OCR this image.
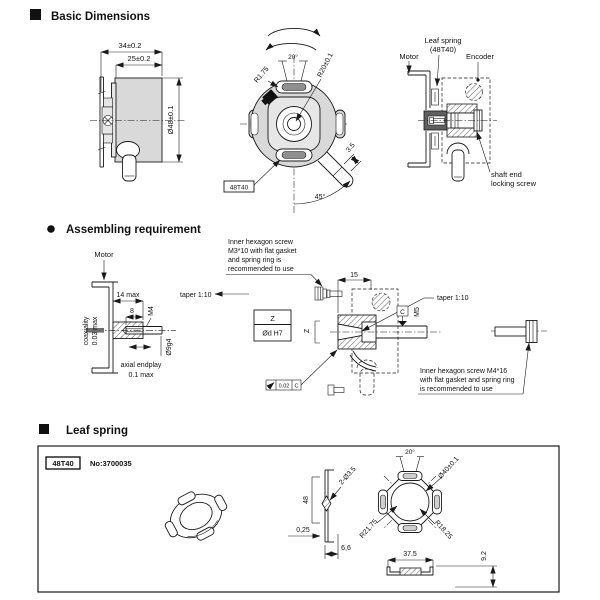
Basic Dimensions
34±0.2
25±0.2
Ø48±0.1
20°
R1.75	R20±0.1
3.5
45°
48T40
Motor
Leaf spring
(48T40)
Encoder
shaft end
locking screw
Assembling requirement
Motor
14 max
8 M4
taper 1:10
coaxiality 0.03 max
axial endplay
0.1 max
Ø9g4
Inner hexagon screw
M3*10 with flat gasket
and spring ring is
recommended to use
15
Z
Z
Ød H7
taper 1:10
C M5
0.02 C
Inner hexagon screw M4*16
with flat gasket and spring ring
is recommended to use
Leaf spring
48T40 No:3700035
48
2-Ø3.5
0,25
6,6
20°
Ø40±0.1
R21.75	R18.25
37.5	9.2
